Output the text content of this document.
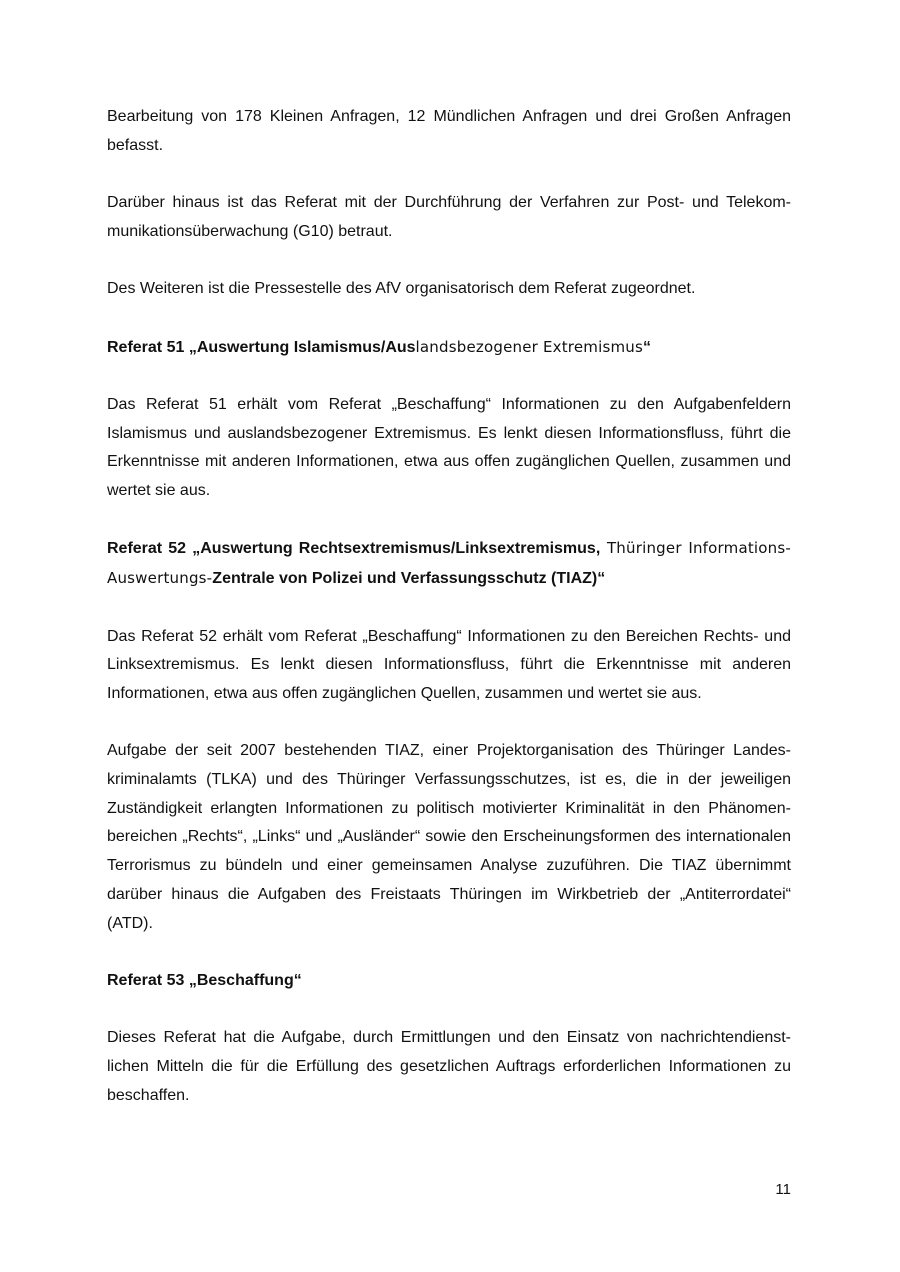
Bearbeitung von 178 Kleinen Anfragen, 12 Mündlichen Anfragen und drei Großen Anfragen befasst.

Darüber hinaus ist das Referat mit der Durchführung der Verfahren zur Post- und Telekommunikationsüberwachung (G10) betraut.

Des Weiteren ist die Pressestelle des AfV organisatorisch dem Referat zugeordnet.

Referat 51 „Auswertung Islamismus/Auslandsbezogener Extremismus“

Das Referat 51 erhält vom Referat „Beschaffung“ Informationen zu den Aufgabenfeldern Islamismus und auslandsbezogener Extremismus. Es lenkt diesen Informationsfluss, führt die Erkenntnisse mit anderen Informationen, etwa aus offen zugänglichen Quellen, zusammen und wertet sie aus.

Referat 52 „Auswertung Rechtsextremismus/Linksextremismus, Thüringer Informations-Auswertungs-Zentrale von Polizei und Verfassungsschutz (TIAZ)“

Das Referat 52 erhält vom Referat „Beschaffung“ Informationen zu den Bereichen Rechts- und Linksextremismus. Es lenkt diesen Informationsfluss, führt die Erkenntnisse mit anderen Informationen, etwa aus offen zugänglichen Quellen, zusammen und wertet sie aus.

Aufgabe der seit 2007 bestehenden TIAZ, einer Projektorganisation des Thüringer Landeskriminalamts (TLKA) und des Thüringer Verfassungsschutzes, ist es, die in der jeweiligen Zuständigkeit erlangten Informationen zu politisch motivierter Kriminalität in den Phänomenbereichen „Rechts“, „Links“ und „Ausländer“ sowie den Erscheinungsformen des internationalen Terrorismus zu bündeln und einer gemeinsamen Analyse zuzuführen. Die TIAZ übernimmt darüber hinaus die Aufgaben des Freistaats Thüringen im Wirkbetrieb der „Antiterrordatei“ (ATD).

Referat 53 „Beschaffung“

Dieses Referat hat die Aufgabe, durch Ermittlungen und den Einsatz von nachrichtendienstlichen Mitteln die für die Erfüllung des gesetzlichen Auftrags erforderlichen Informationen zu beschaffen.

11
